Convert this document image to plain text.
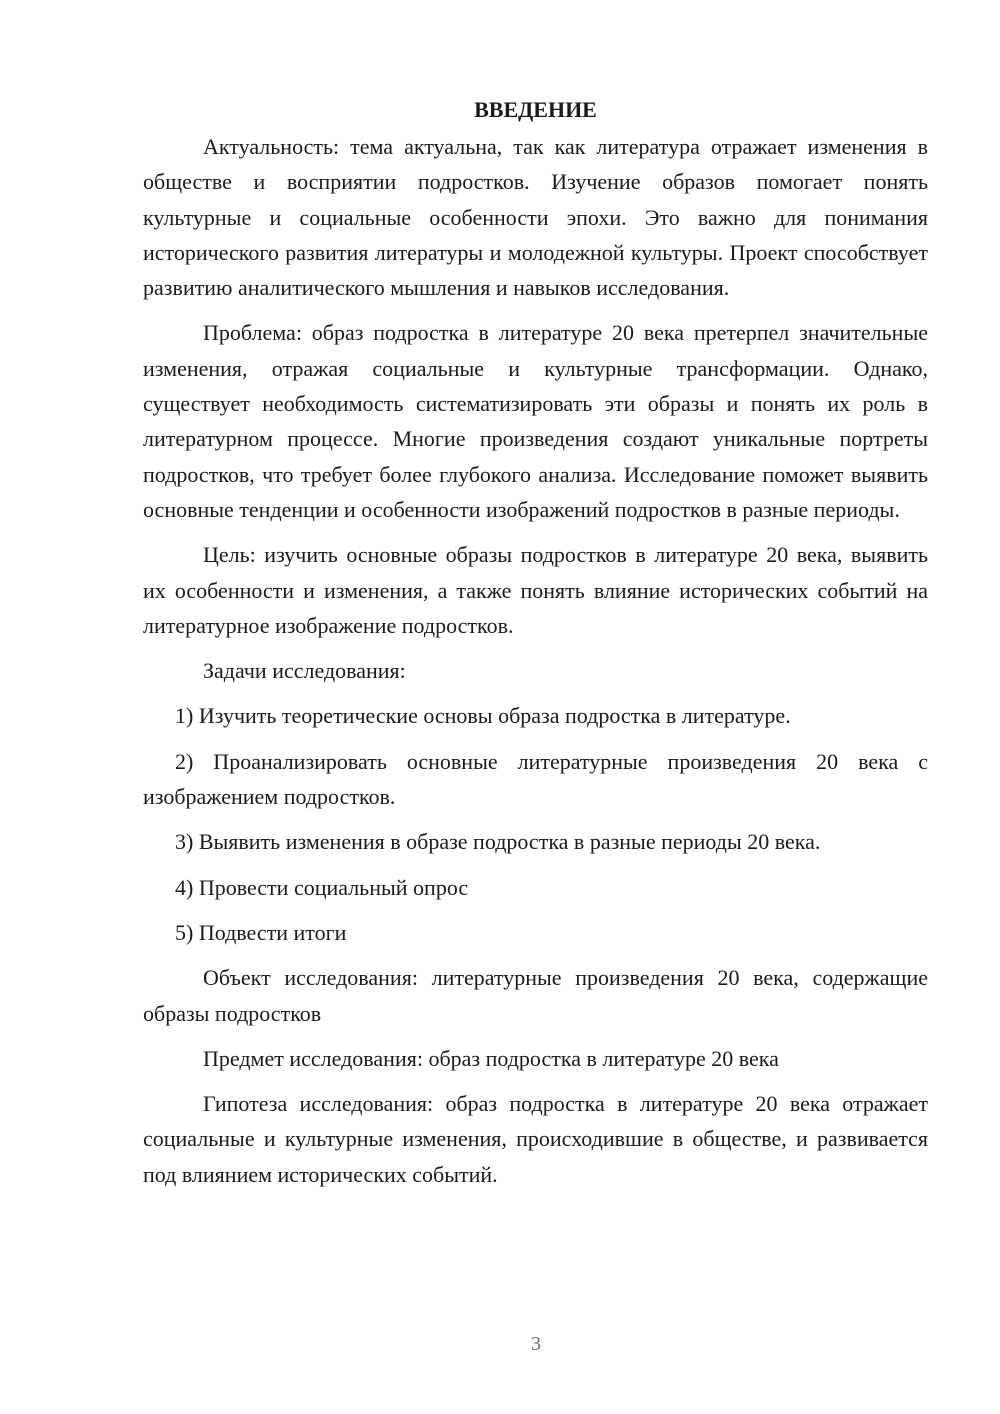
ВВЕДЕНИЕ

Актуальность: тема актуальна, так как литература отражает изменения в обществе и восприятии подростков. Изучение образов помогает понять культурные и социальные особенности эпохи. Это важно для понимания исторического развития литературы и молодежной культуры. Проект способствует развитию аналитического мышления и навыков исследования.

Проблема: образ подростка в литературе 20 века претерпел значительные изменения, отражая социальные и культурные трансформации. Однако, существует необходимость систематизировать эти образы и понять их роль в литературном процессе. Многие произведения создают уникальные портреты подростков, что требует более глубокого анализа. Исследование поможет выявить основные тенденции и особенности изображений подростков в разные периоды.

Цель: изучить основные образы подростков в литературе 20 века, выявить их особенности и изменения, а также понять влияние исторических событий на литературное изображение подростков.

Задачи исследования:

1) Изучить теоретические основы образа подростка в литературе.

2) Проанализировать основные литературные произведения 20 века с изображением подростков.

3) Выявить изменения в образе подростка в разные периоды 20 века.

4) Провести социальный опрос

5) Подвести итоги

Объект исследования: литературные произведения 20 века, содержащие образы подростков

Предмет исследования: образ подростка в литературе 20 века

Гипотеза исследования: образ подростка в литературе 20 века отражает социальные и культурные изменения, происходившие в обществе, и развивается под влиянием исторических событий.

3
